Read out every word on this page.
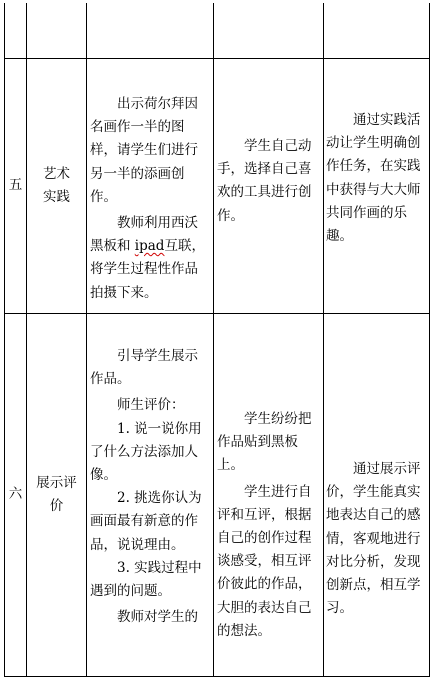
五
艺术
实践

出示荷尔拜因名画作一半的图样，请学生们进行另一半的添画创作。

教师利用西沃黑板和 ipad互联，将学生过程性作品拍摄下来。

学生自己动手，选择自己喜欢的工具进行创作。

通过实践活动让学生明确创作任务，在实践中获得与大大师共同作画的乐趣。

六
展示评
价

引导学生展示作品。

师生评价：

1. 说一说你用了什么方法添加人像。

2. 挑选你认为画面最有新意的作品，说说理由。

3. 实践过程中遇到的问题。

教师对学生的

学生纷纷把作品贴到黑板上。

学生进行自评和互评，根据自己的创作过程谈感受，相互评价彼此的作品，大胆的表达自己的想法。

通过展示评价，学生能真实地表达自己的感情，客观地进行对比分析，发现创新点，相互学习。
